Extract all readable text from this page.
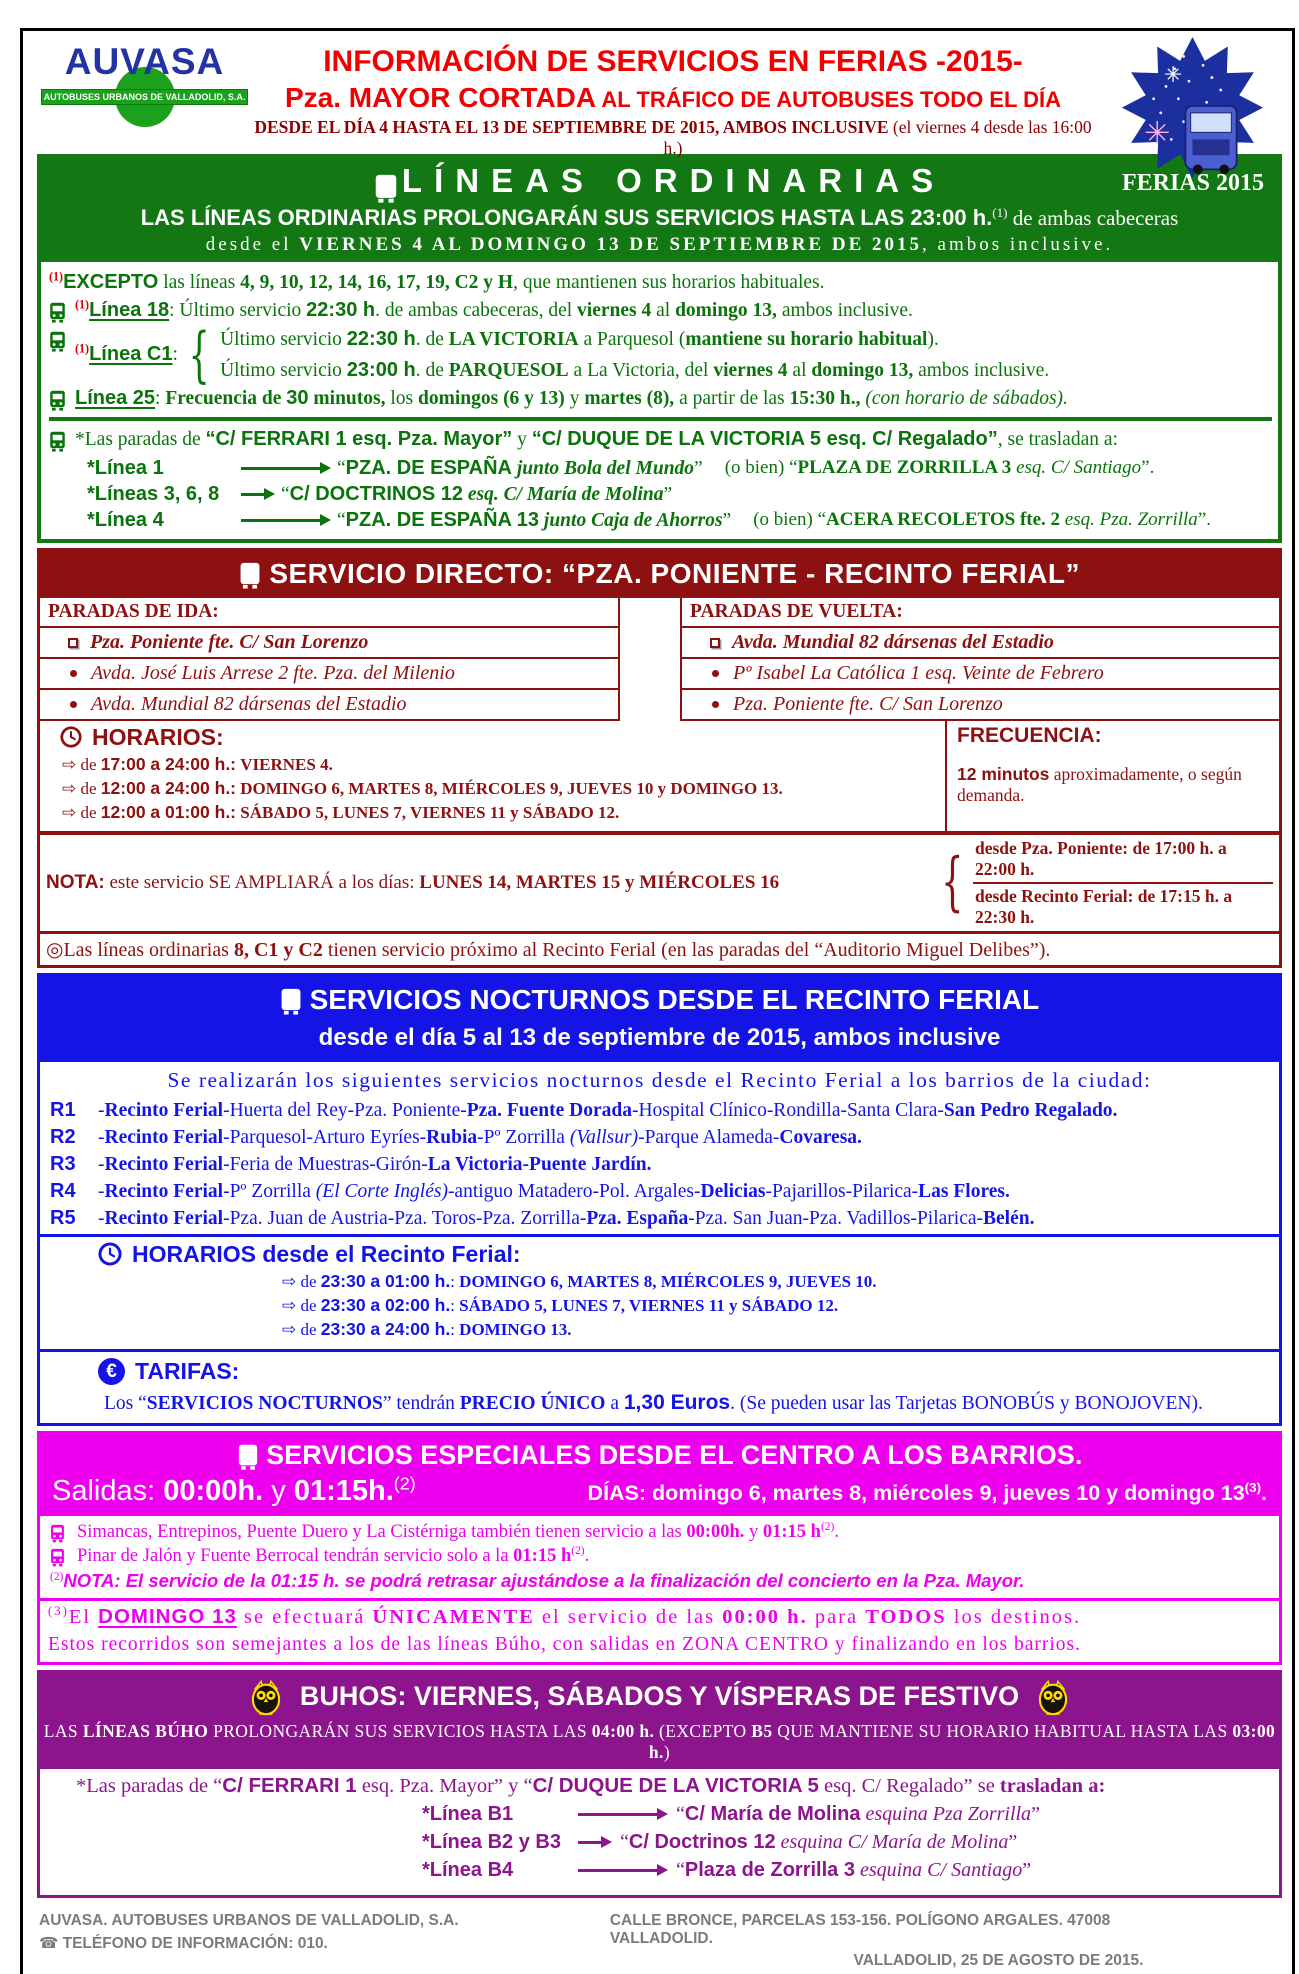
AUVASA
AUTOBUSES URBANOS DE VALLADOLID, S.A.
INFORMACIÓN DE SERVICIOS EN FERIAS -2015-
Pza. MAYOR CORTADA AL TRÁFICO DE AUTOBUSES TODO EL DÍA
DESDE EL DÍA 4 HASTA EL 13 DE SEPTIEMBRE DE 2015, AMBOS INCLUSIVE (el viernes 4 desde las 16:00 h.)
LÍNEAS ORDINARIAS	FERIAS 2015
LAS LÍNEAS ORDINARIAS PROLONGARÁN SUS SERVICIOS HASTA LAS 23:00 h.$^{(1)}$ de ambas cabeceras
desde el VIERNES 4 AL DOMINGO 13 DE SEPTIEMBRE DE 2015, ambos inclusive.
$^{(1)}$EXCEPTO las líneas 4, 9, 10, 12, 14, 16, 17, 19, C2 y H, que mantienen sus horarios habituales.
$^{(1)}$Línea 18: Último servicio 22:30 h. de ambas cabeceras, del viernes 4 al domingo 13, ambos inclusive.
$^{(1)}$Línea C1: { Último servicio 22:30 h. de LA VICTORIA a Parquesol (mantiene su horario habitual).
Último servicio 23:00 h. de PARQUESOL a La Victoria, del viernes 4 al domingo 13, ambos inclusive.
Línea 25: Frecuencia de 30 minutos, los domingos (6 y 13) y martes (8), a partir de las 15:30 h., (con horario de sábados).
*Las paradas de “C/ FERRARI 1 esq. Pza. Mayor” y “C/ DUQUE DE LA VICTORIA 5 esq. C/ Regalado”, se trasladan a:
*Línea 1	“PZA. DE ESPAÑA junto Bola del Mundo” (o bien) “PLAZA DE ZORRILLA 3 esq. C/ Santiago”.
*Líneas 3, 6, 8	“C/ DOCTRINOS 12 esq. C/ María de Molina”
*Línea 4	“PZA. DE ESPAÑA 13 junto Caja de Ahorros” (o bien) “ACERA RECOLETOS fte. 2 esq. Pza. Zorrilla”.
SERVICIO DIRECTO: “PZA. PONIENTE - RECINTO FERIAL”
PARADAS DE IDA:
Pza. Poniente fte. C/ San Lorenzo
Avda. José Luis Arrese 2 fte. Pza. del Milenio
Avda. Mundial 82 dársenas del Estadio
PARADAS DE VUELTA:
Avda. Mundial 82 dársenas del Estadio
Pº Isabel La Católica 1 esq. Veinte de Febrero
Pza. Poniente fte. C/ San Lorenzo
HORARIOS:
⇨ de 17:00 a 24:00 h.: VIERNES 4.
⇨ de 12:00 a 24:00 h.: DOMINGO 6, MARTES 8, MIÉRCOLES 9, JUEVES 10 y DOMINGO 13.
⇨ de 12:00 a 01:00 h.: SÁBADO 5, LUNES 7, VIERNES 11 y SÁBADO 12.
FRECUENCIA:
12 minutos aproximadamente, o según demanda.
NOTA: este servicio SE AMPLIARÁ a los días: LUNES 14, MARTES 15 y MIÉRCOLES 16	{ desde Pza. Poniente: de 17:00 h. a 22:00 h.
desde Recinto Ferial: de 17:15 h. a 22:30 h.
◎Las líneas ordinarias 8, C1 y C2 tienen servicio próximo al Recinto Ferial (en las paradas del “Auditorio Miguel Delibes”).
SERVICIOS NOCTURNOS DESDE EL RECINTO FERIAL
desde el día 5 al 13 de septiembre de 2015, ambos inclusive
Se realizarán los siguientes servicios nocturnos desde el Recinto Ferial a los barrios de la ciudad:
R1	-Recinto Ferial-Huerta del Rey-Pza. Poniente-Pza. Fuente Dorada-Hospital Clínico-Rondilla-Santa Clara-San Pedro Regalado.
R2	-Recinto Ferial-Parquesol-Arturo Eyríes-Rubia-Pº Zorrilla (Vallsur)-Parque Alameda-Covaresa.
R3	-Recinto Ferial-Feria de Muestras-Girón-La Victoria-Puente Jardín.
R4	-Recinto Ferial-Pº Zorrilla (El Corte Inglés)-antiguo Matadero-Pol. Argales-Delicias-Pajarillos-Pilarica-Las Flores.
R5	-Recinto Ferial-Pza. Juan de Austria-Pza. Toros-Pza. Zorrilla-Pza. España-Pza. San Juan-Pza. Vadillos-Pilarica-Belén.
HORARIOS desde el Recinto Ferial:
⇨ de 23:30 a 01:00 h.: DOMINGO 6, MARTES 8, MIÉRCOLES 9, JUEVES 10.
⇨ de 23:30 a 02:00 h.: SÁBADO 5, LUNES 7, VIERNES 11 y SÁBADO 12.
⇨ de 23:30 a 24:00 h.: DOMINGO 13.
€ TARIFAS:
Los “SERVICIOS NOCTURNOS” tendrán PRECIO ÚNICO a 1,30 Euros. (Se pueden usar las Tarjetas BONOBÚS y BONOJOVEN).
SERVICIOS ESPECIALES DESDE EL CENTRO A LOS BARRIOS.
Salidas: 00:00h. y 01:15h.$^{(2)}$	DÍAS: domingo 6, martes 8, miércoles 9, jueves 10 y domingo 13$^{(3)}$.
Simancas, Entrepinos, Puente Duero y La Cistérniga también tienen servicio a las 00:00h. y 01:15 $h^{(2)}$.
Pinar de Jalón y Fuente Berrocal tendrán servicio solo a la 01:15 $h^{(2)}$.
$^{(2)}$NOTA: El servicio de la 01:15 h. se podrá retrasar ajustándose a la finalización del concierto en la Pza. Mayor.
$^{(3)}$El DOMINGO 13 se efectuará ÚNICAMENTE el servicio de las 00:00 h. para TODOS los destinos.
Estos recorridos son semejantes a los de las líneas Búho, con salidas en ZONA CENTRO y finalizando en los barrios.
BUHOS: VIERNES, SÁBADOS Y VÍSPERAS DE FESTIVO
LAS LÍNEAS BÚHO PROLONGARÁN SUS SERVICIOS HASTA LAS 04:00 h. (EXCEPTO B5 QUE MANTIENE SU HORARIO HABITUAL HASTA LAS 03:00 h.)
*Las paradas de “C/ FERRARI 1 esq. Pza. Mayor” y “C/ DUQUE DE LA VICTORIA 5 esq. C/ Regalado” se trasladan a:
*Línea B1	“C/ María de Molina esquina Pza Zorrilla”
*Línea B2 y B3	“C/ Doctrinos 12 esquina C/ María de Molina”
*Línea B4	“Plaza de Zorrilla 3 esquina C/ Santiago”
AUVASA. AUTOBUSES URBANOS DE VALLADOLID, S.A.
☎ TELÉFONO DE INFORMACIÓN: 010.
CALLE BRONCE, PARCELAS 153-156. POLÍGONO ARGALES. 47008 VALLADOLID.
VALLADOLID, 25 DE AGOSTO DE 2015.
